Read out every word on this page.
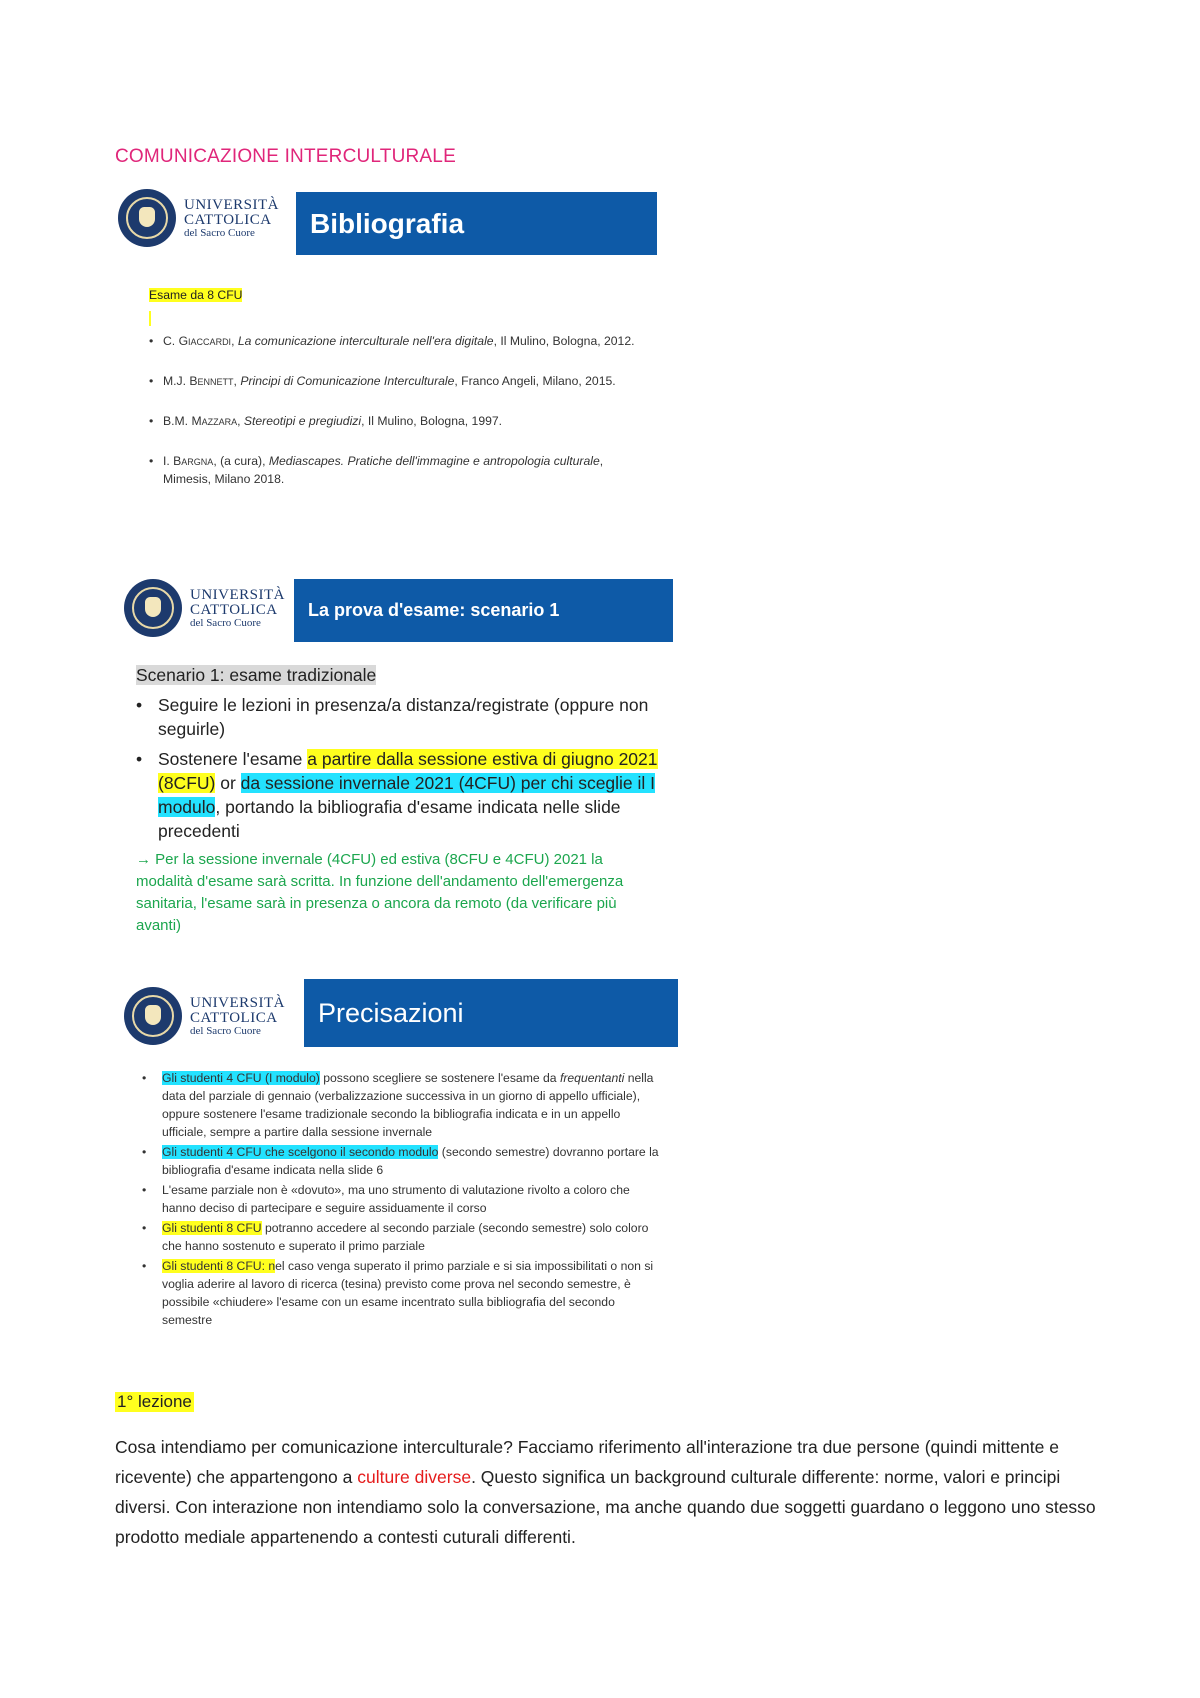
COMUNICAZIONE INTERCULTURALE
UNIVERSITÀ
CATTOLICA
del Sacro Cuore	Bibliografia
Esame da 8 CFU
• C. Giaccardi, La comunicazione interculturale nell'era digitale, Il Mulino, Bologna, 2012.
• M.J. Bennett, Principi di Comunicazione Interculturale, Franco Angeli, Milano, 2015.
• B.M. Mazzara, Stereotipi e pregiudizi, Il Mulino, Bologna, 1997.
• I. Bargna, (a cura), Mediascapes. Pratiche dell'immagine e antropologia culturale, Mimesis, Milano 2018.
UNIVERSITÀ
CATTOLICA
del Sacro Cuore
La prova d'esame: scenario 1
Scenario 1: esame tradizionale
• Seguire le lezioni in presenza/a distanza/registrate (oppure non seguirle)
• Sostenere l'esame a partire dalla sessione estiva di giugno 2021 (8CFU) or da sessione invernale 2021 (4CFU) per chi sceglie il I modulo, portando la bibliografia d'esame indicata nelle slide precedenti
→ Per la sessione invernale (4CFU) ed estiva (8CFU e 4CFU) 2021 la modalità d'esame sarà scritta. In funzione dell'andamento dell'emergenza sanitaria, l'esame sarà in presenza o ancora da remoto (da verificare più avanti)
UNIVERSITÀ
CATTOLICA
del Sacro Cuore
Precisazioni
• Gli studenti 4 CFU (I modulo) possono scegliere se sostenere l'esame da frequentanti nella data del parziale di gennaio (verbalizzazione successiva in un giorno di appello ufficiale), oppure sostenere l'esame tradizionale secondo la bibliografia indicata e in un appello ufficiale, sempre a partire dalla sessione invernale
• Gli studenti 4 CFU che scelgono il secondo modulo (secondo semestre) dovranno portare la bibliografia d'esame indicata nella slide 6
• L'esame parziale non è «dovuto», ma uno strumento di valutazione rivolto a coloro che hanno deciso di partecipare e seguire assiduamente il corso
• Gli studenti 8 CFU potranno accedere al secondo parziale (secondo semestre) solo coloro che hanno sostenuto e superato il primo parziale
• Gli studenti 8 CFU: nel caso venga superato il primo parziale e si sia impossibilitati o non si voglia aderire al lavoro di ricerca (tesina) previsto come prova nel secondo semestre, è possibile «chiudere» l'esame con un esame incentrato sulla bibliografia del secondo semestre
1° lezione
Cosa intendiamo per comunicazione interculturale? Facciamo riferimento all'interazione tra due persone (quindi mittente e ricevente) che appartengono a culture diverse. Questo significa un background culturale differente: norme, valori e principi diversi. Con interazione non intendiamo solo la conversazione, ma anche quando due soggetti guardano o leggono uno stesso prodotto mediale appartenendo a contesti cuturali differenti.
